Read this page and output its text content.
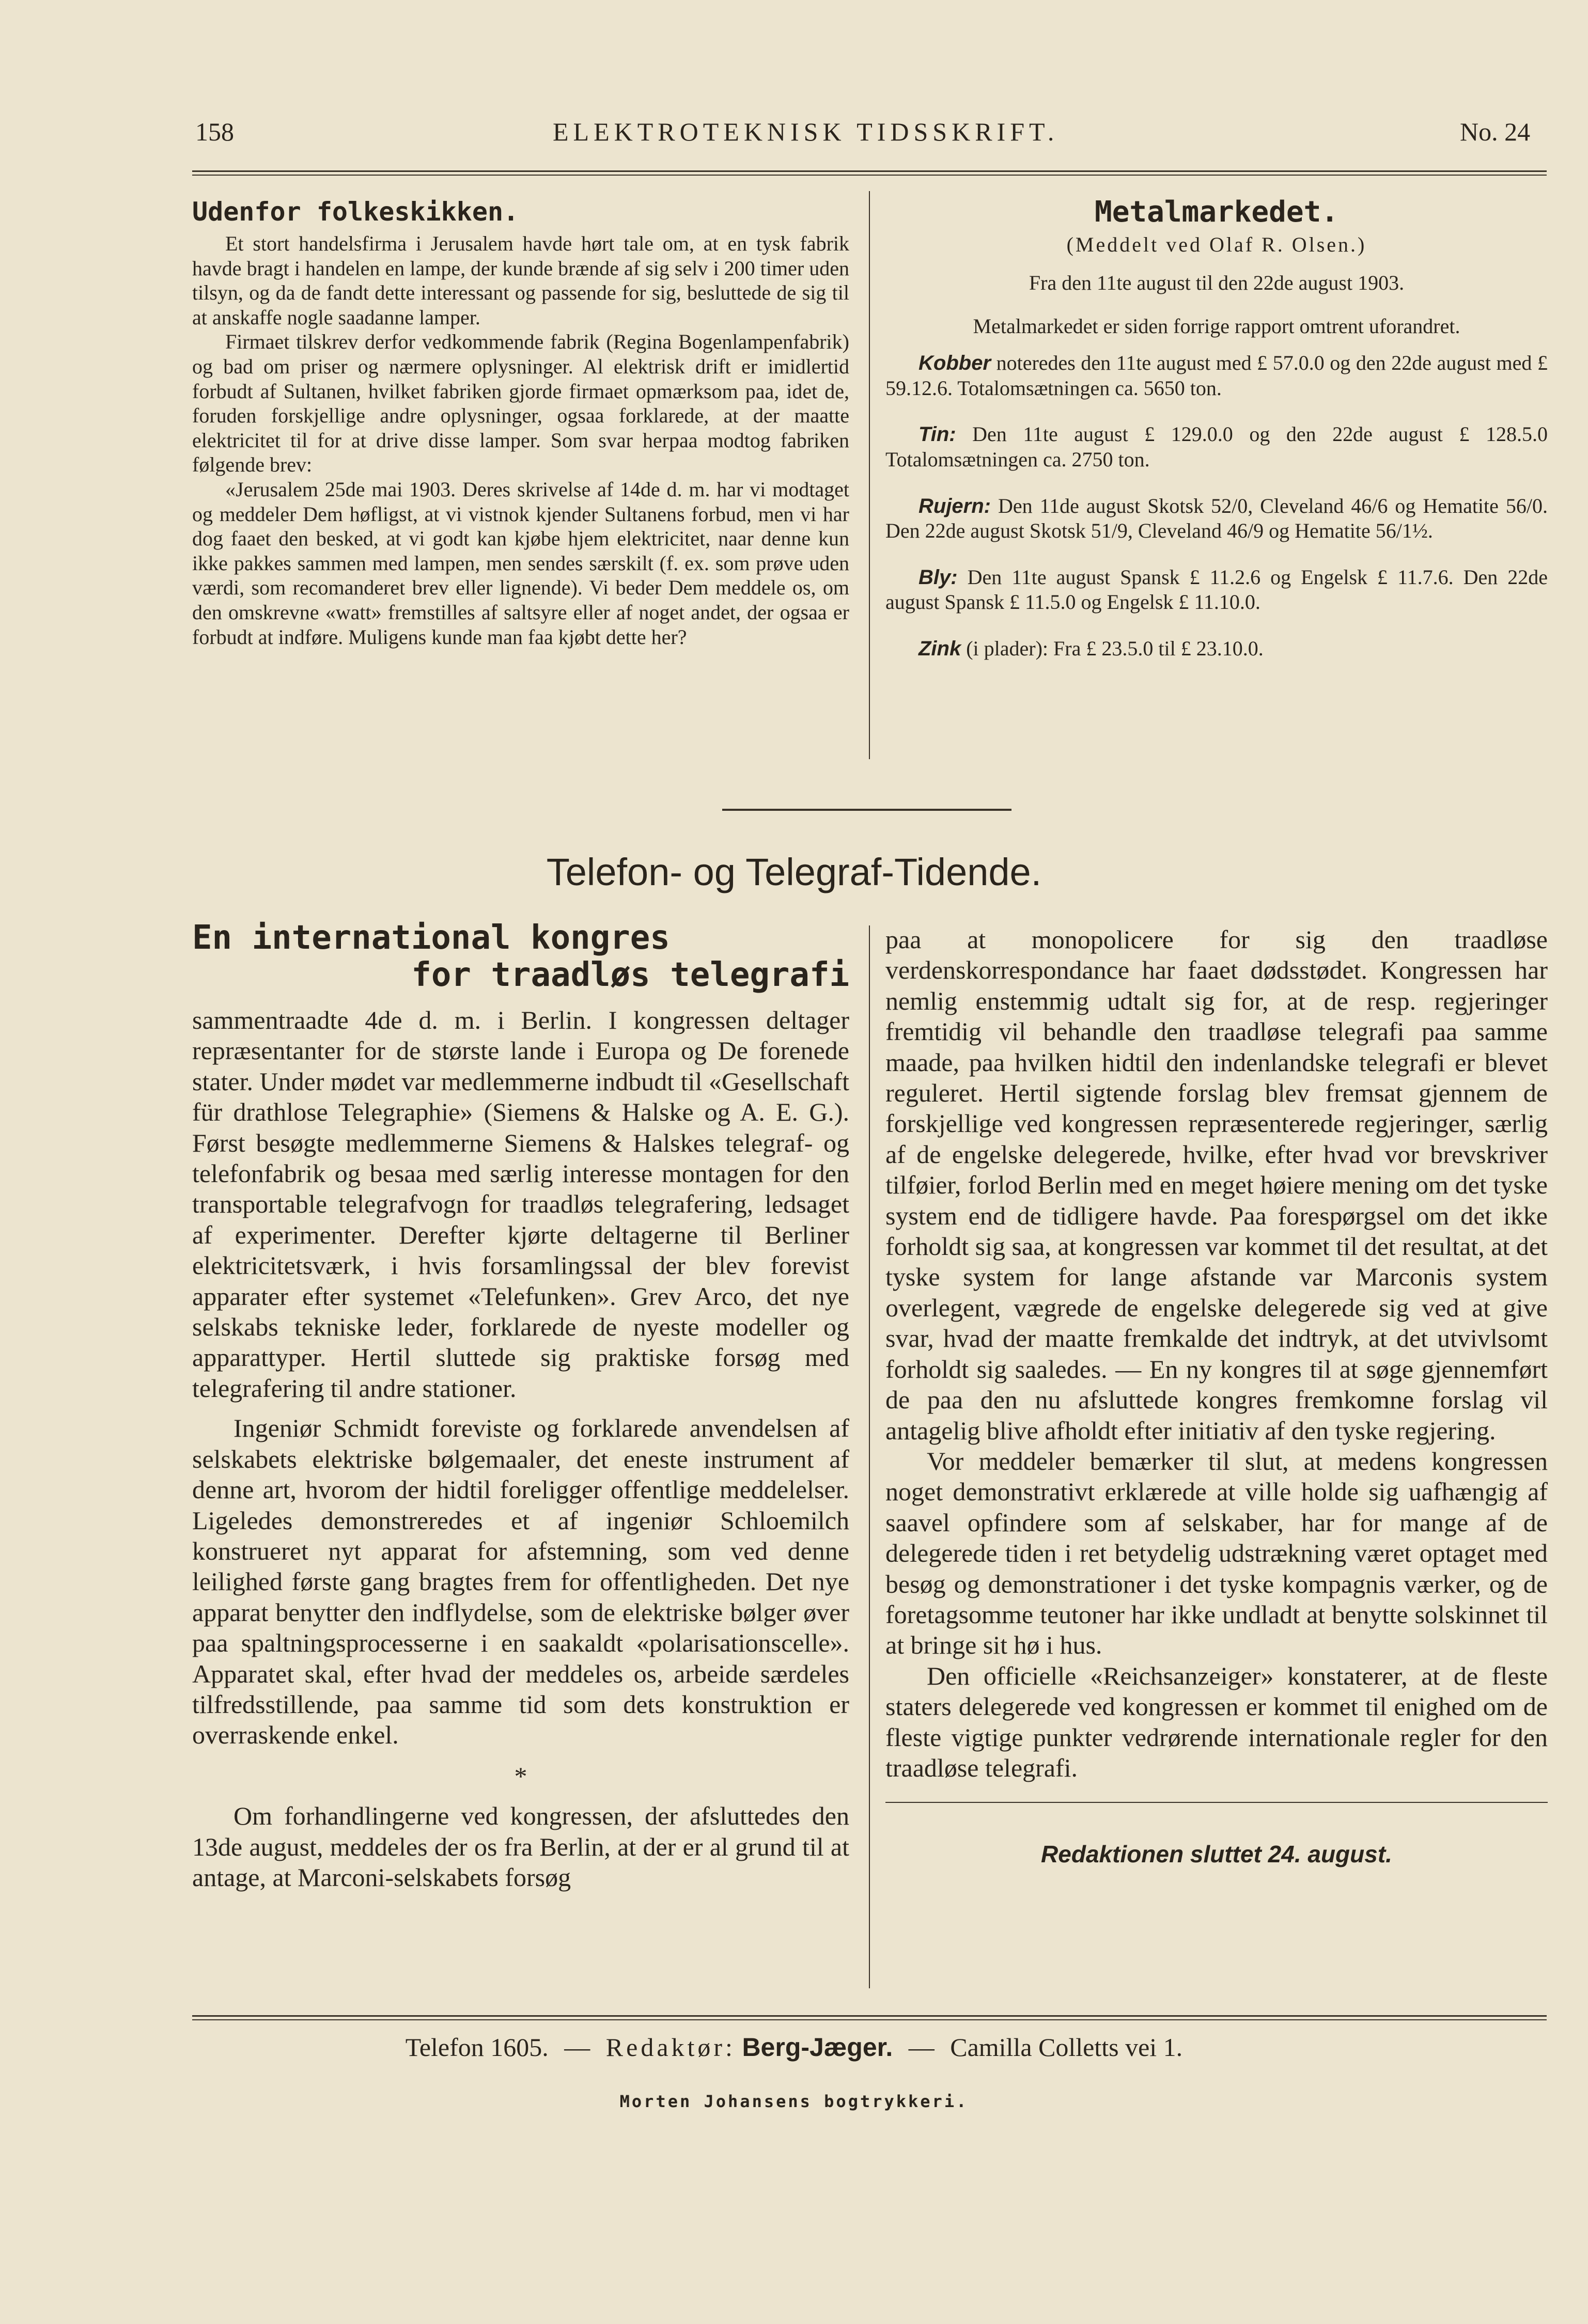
158	ELEKTROTEKNISK TIDSSKRIFT.	No. 24
Udenfor folkeskikken.

Et stort handelsfirma i Jerusalem havde hørt tale om, at en tysk fabrik havde bragt i handelen en lampe, der kunde brænde af sig selv i 200 timer uden tilsyn, og da de fandt dette interessant og passende for sig, besluttede de sig til at anskaffe nogle saadanne lamper.

Firmaet tilskrev derfor vedkommende fabrik (Regina Bogenlampenfabrik) og bad om priser og nærmere oplysninger. Al elektrisk drift er imidlertid forbudt af Sultanen, hvilket fabriken gjorde firmaet opmærksom paa, idet de, foruden forskjellige andre oplysninger, ogsaa forklarede, at der maatte elektricitet til for at drive disse lamper. Som svar herpaa modtog fabriken følgende brev:

«Jerusalem 25de mai 1903. Deres skrivelse af 14de d. m. har vi modtaget og meddeler Dem høfligst, at vi vistnok kjender Sultanens forbud, men vi har dog faaet den besked, at vi godt kan kjøbe hjem elektricitet, naar denne kun ikke pakkes sammen med lampen, men sendes særskilt (f. ex. som prøve uden værdi, som recomanderet brev eller lignende). Vi beder Dem meddele os, om den omskrevne «watt» fremstilles af saltsyre eller af noget andet, der ogsaa er forbudt at indføre. Muligens kunde man faa kjøbt dette her?

Metalmarkedet.
(Meddelt ved Olaf R. Olsen.)
Fra den 11te august til den 22de august 1903.
Metalmarkedet er siden forrige rapport omtrent uforandret.

Kobber noteredes den 11te august med £ 57.0.0 og den 22de august med £ 59.12.6. Totalomsætningen ca. 5650 ton.

Tin: Den 11te august £ 129.0.0 og den 22de august £ 128.5.0 Totalomsætningen ca. 2750 ton.

Rujern: Den 11de august Skotsk 52/0, Cleveland 46/6 og Hematite 56/0. Den 22de august Skotsk 51/9, Cleveland 46/9 og Hematite 56/1½.

Bly: Den 11te august Spansk £ 11.2.6 og Engelsk £ 11.7.6. Den 22de august Spansk £ 11.5.0 og Engelsk £ 11.10.0.

Zink (i plader): Fra £ 23.5.0 til £ 23.10.0.

Telefon- og Telegraf-Tidende.
En international kongres
for traadløs telegrafi

sammentraadte 4de d. m. i Berlin. I kongressen deltager repræsentanter for de største lande i Europa og De forenede stater. Under mødet var medlemmerne indbudt til «Gesellschaft für drathlose Telegraphie» (Siemens & Halske og A. E. G.). Først besøgte medlemmerne Siemens & Halskes telegraf- og telefonfabrik og besaa med særlig interesse montagen for den transportable telegrafvogn for traadløs telegrafering, ledsaget af experimenter. Derefter kjørte deltagerne til Berliner elektricitetsværk, i hvis forsamlingssal der blev forevist apparater efter systemet «Telefunken». Grev Arco, det nye selskabs tekniske leder, forklarede de nyeste modeller og apparattyper. Hertil sluttede sig praktiske forsøg med telegrafering til andre stationer.

Ingeniør Schmidt foreviste og forklarede anvendelsen af selskabets elektriske bølgemaaler, det eneste instrument af denne art, hvorom der hidtil foreligger offentlige meddelelser. Ligeledes demonstreredes et af ingeniør Schloemilch konstrueret nyt apparat for afstemning, som ved denne leilighed første gang bragtes frem for offentligheden. Det nye apparat benytter den indflydelse, som de elektriske bølger øver paa spaltningsprocesserne i en saakaldt «polarisationscelle». Apparatet skal, efter hvad der meddeles os, arbeide særdeles tilfredsstillende, paa samme tid som dets konstruktion er overraskende enkel.

*

Om forhandlingerne ved kongressen, der afsluttedes den 13de august, meddeles der os fra Berlin, at der er al grund til at antage, at Marconi-selskabets forsøg

paa at monopolicere for sig den traadløse verdenskorrespondance har faaet dødsstødet. Kongressen har nemlig enstemmig udtalt sig for, at de resp. regjeringer fremtidig vil behandle den traadløse telegrafi paa samme maade, paa hvilken hidtil den indenlandske telegrafi er blevet reguleret. Hertil sigtende forslag blev fremsat gjennem de forskjellige ved kongressen repræsenterede regjeringer, særlig af de engelske delegerede, hvilke, efter hvad vor brevskriver tilføier, forlod Berlin med en meget høiere mening om det tyske system end de tidligere havde. Paa forespørgsel om det ikke forholdt sig saa, at kongressen var kommet til det resultat, at det tyske system for lange afstande var Marconis system overlegent, vægrede de engelske delegerede sig ved at give svar, hvad der maatte fremkalde det indtryk, at det utvivlsomt forholdt sig saaledes. — En ny kongres til at søge gjennemført de paa den nu afsluttede kongres fremkomne forslag vil antagelig blive afholdt efter initiativ af den tyske regjering.

Vor meddeler bemærker til slut, at medens kongressen noget demonstrativt erklærede at ville holde sig uafhængig af saavel opfindere som af selskaber, har for mange af de delegerede tiden i ret betydelig udstrækning været optaget med besøg og demonstrationer i det tyske kompagnis værker, og de foretagsomme teutoner har ikke undladt at benytte solskinnet til at bringe sit hø i hus.

Den officielle «Reichsanzeiger» konstaterer, at de fleste staters delegerede ved kongressen er kommet til enighed om de fleste vigtige punkter vedrørende internationale regler for den traadløse telegrafi.

Redaktionen sluttet 24. august.
Telefon 1605. — Redaktør: Berg-Jæger. — Camilla Colletts vei 1.
Morten Johansens bogtrykkeri.
